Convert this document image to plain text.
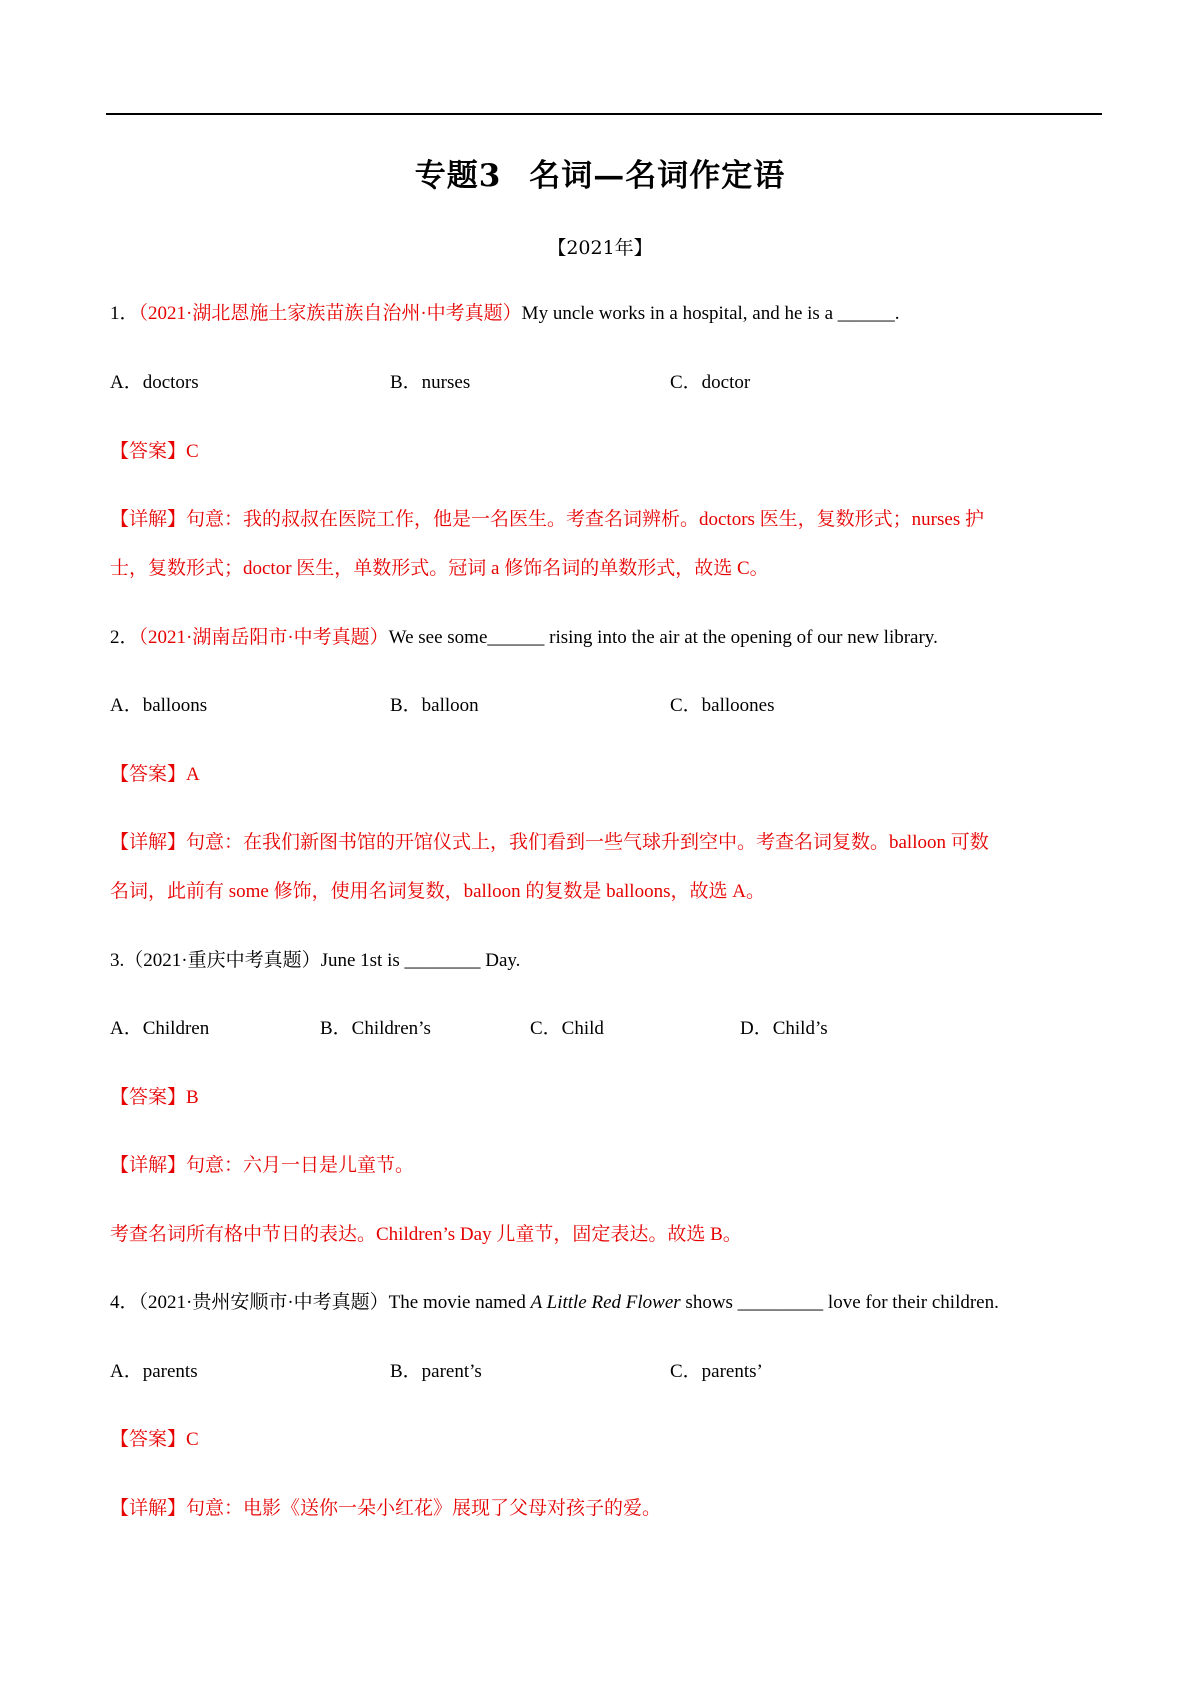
专题3 名词—名词作定语
【2021年】
1．（2021·湖北恩施土家族苗族自治州·中考真题）My uncle works in a hospital, and he is a ______.
A．doctors	B．nurses	C．doctor
【答案】C
【详解】句意：我的叔叔在医院工作，他是一名医生。考查名词辨析。doctors 医生，复数形式；nurses 护
士，复数形式；doctor 医生，单数形式。冠词 a 修饰名词的单数形式，故选 C。
2．（2021·湖南岳阳市·中考真题）We see some______ rising into the air at the opening of our new library.
A．balloons	B．balloon	C．balloones
【答案】A
【详解】句意：在我们新图书馆的开馆仪式上，我们看到一些气球升到空中。考查名词复数。balloon 可数
名词，此前有 some 修饰，使用名词复数，balloon 的复数是 balloons，故选 A。
3.（2021·重庆中考真题）June 1st is ________ Day.
A．Children	B．Children’s	C．Child	D．Child’s
【答案】B
【详解】句意：六月一日是儿童节。
考查名词所有格中节日的表达。Children’s Day 儿童节，固定表达。故选 B。
4．（2021·贵州安顺市·中考真题）The movie named A Little Red Flower shows _________ love for their children.
A．parents	B．parent’s	C．parents’
【答案】C
【详解】句意：电影《送你一朵小红花》展现了父母对孩子的爱。
